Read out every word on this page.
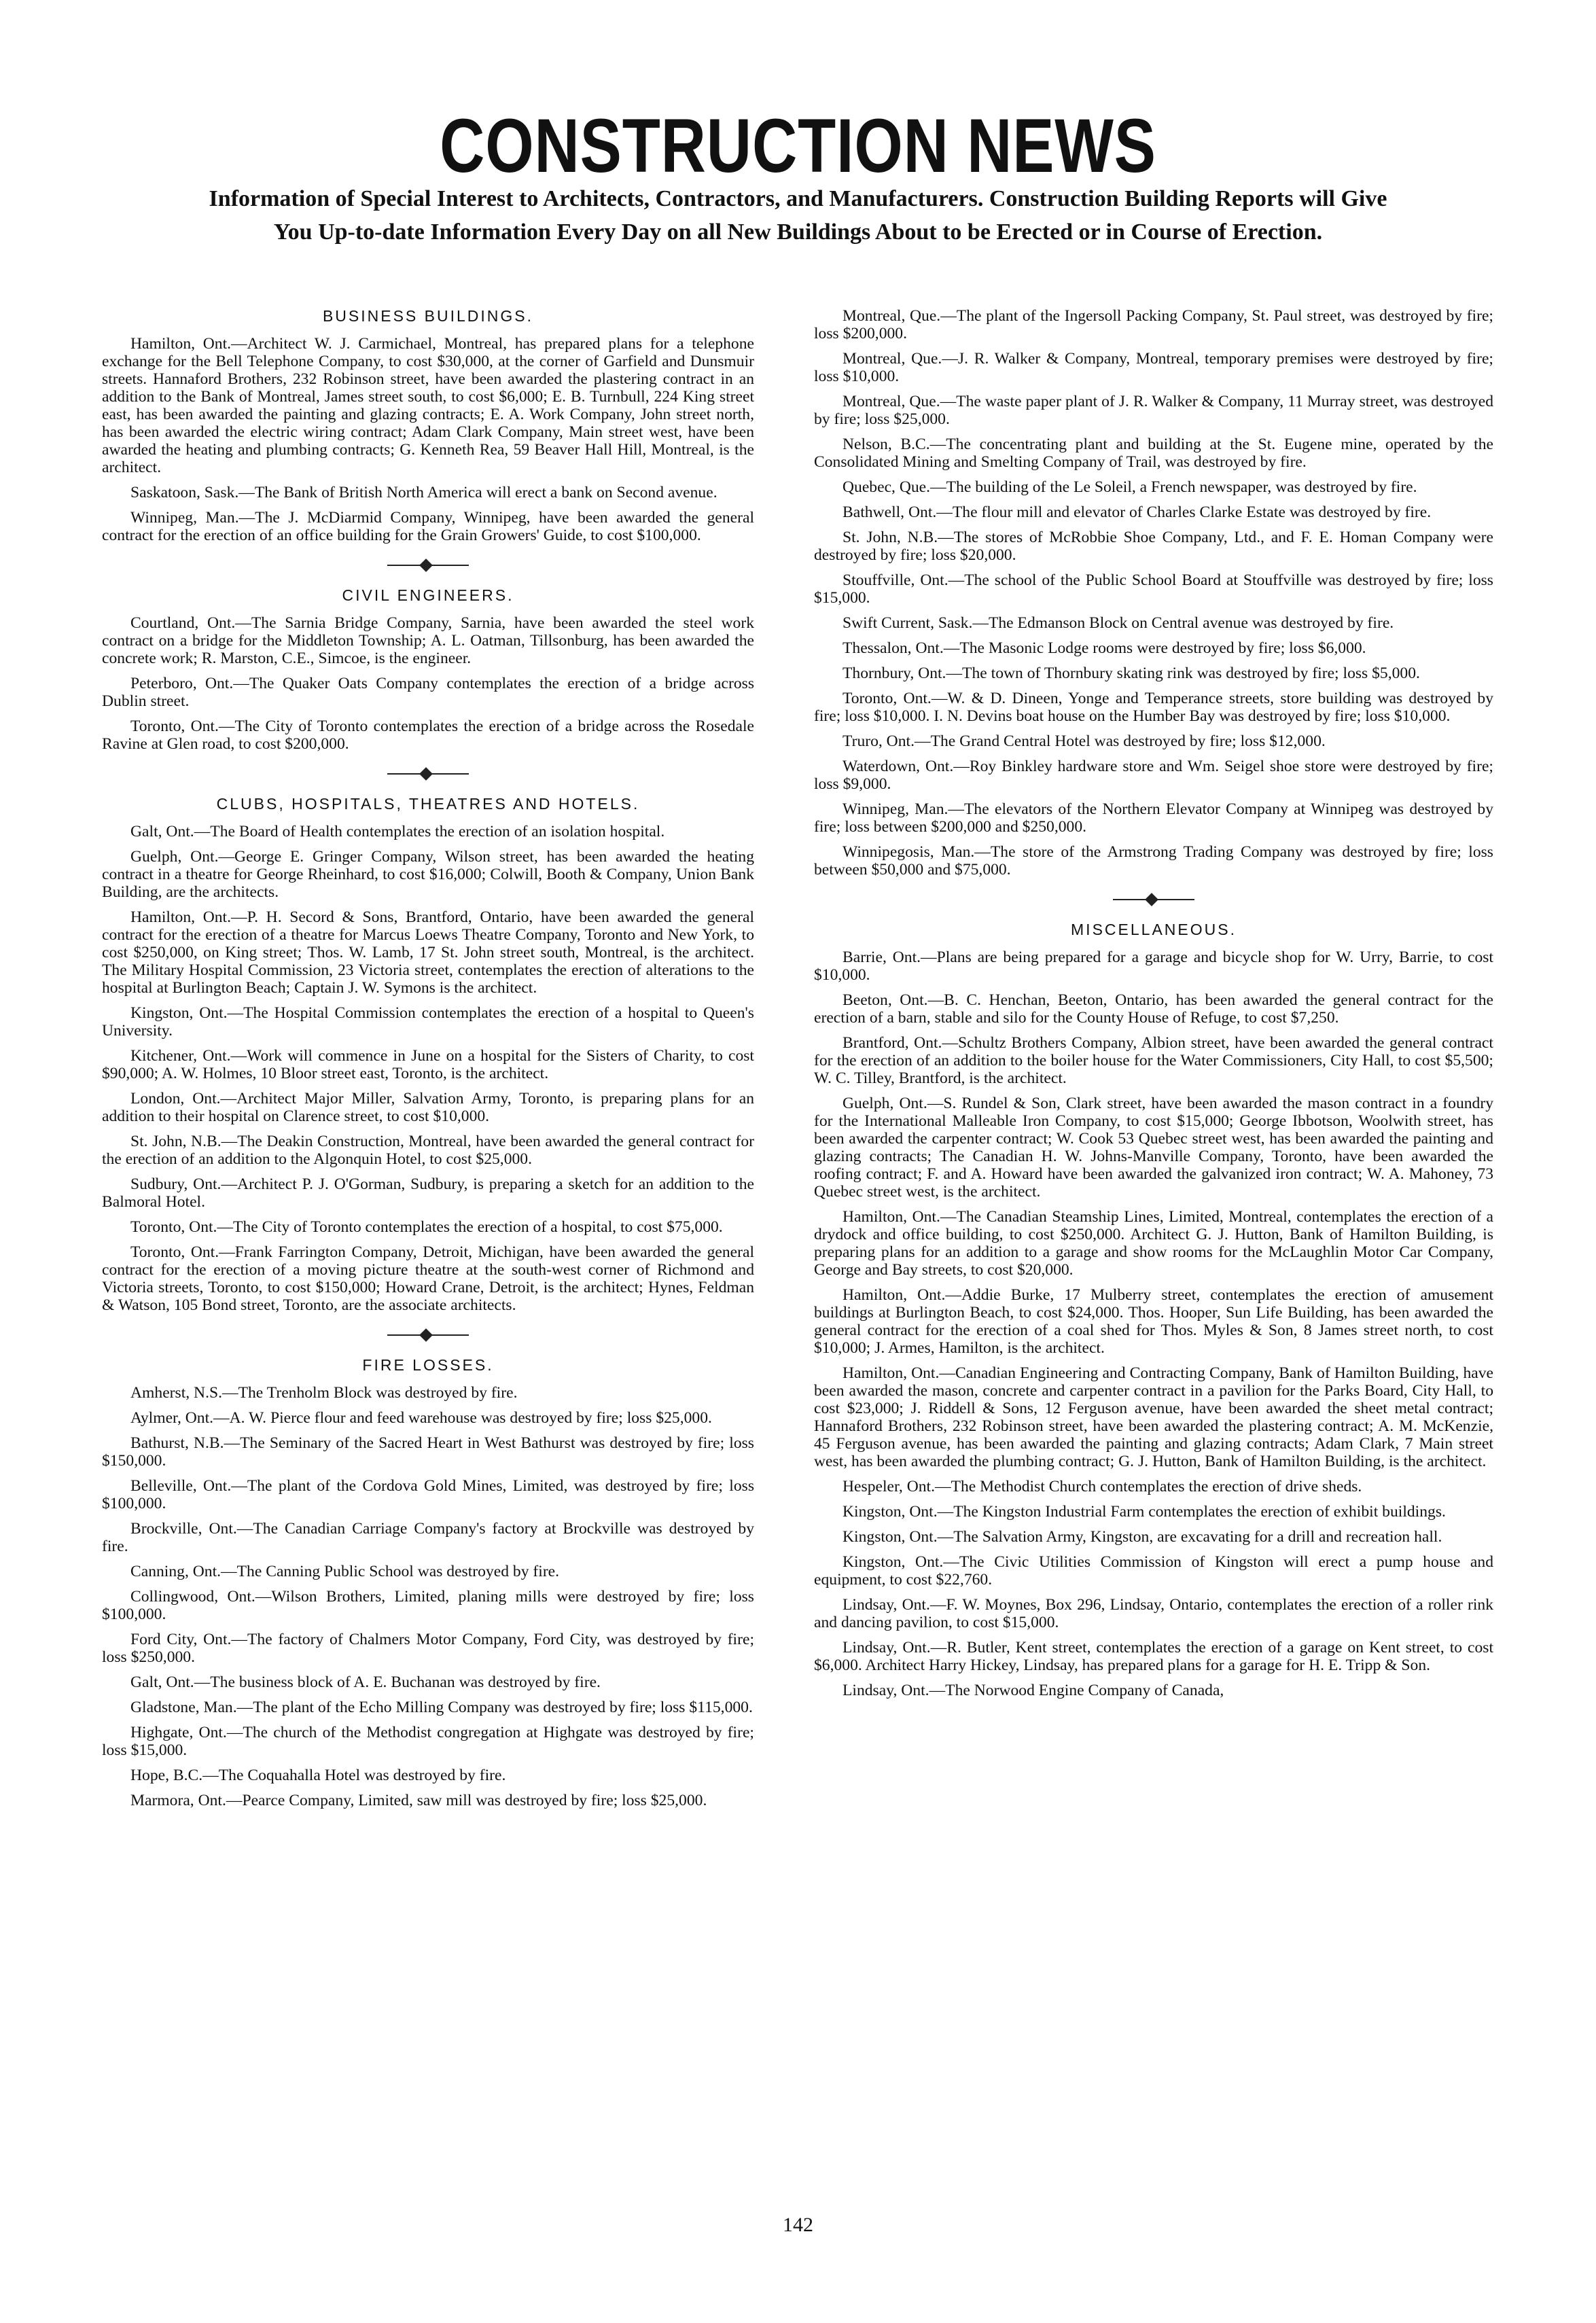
CONSTRUCTION NEWS
Information of Special Interest to Architects, Contractors, and Manufacturers. Construction Building Reports will Give You Up-to-date Information Every Day on all New Buildings About to be Erected or in Course of Erection.
BUSINESS BUILDINGS.

Hamilton, Ont.—Architect W. J. Carmichael, Montreal, has prepared plans for a telephone exchange for the Bell Telephone Company, to cost $30,000, at the corner of Garfield and Dunsmuir streets. Hannaford Brothers, 232 Robinson street, have been awarded the plastering contract in an addition to the Bank of Montreal, James street south, to cost $6,000; E. B. Turnbull, 224 King street east, has been awarded the painting and glazing contracts; E. A. Work Company, John street north, has been awarded the electric wiring contract; Adam Clark Company, Main street west, have been awarded the heating and plumbing contracts; G. Kenneth Rea, 59 Beaver Hall Hill, Montreal, is the architect.

Saskatoon, Sask.—The Bank of British North America will erect a bank on Second avenue.

Winnipeg, Man.—The J. McDiarmid Company, Winnipeg, have been awarded the general contract for the erection of an office building for the Grain Growers' Guide, to cost $100,000.

CIVIL ENGINEERS.

Courtland, Ont.—The Sarnia Bridge Company, Sarnia, have been awarded the steel work contract on a bridge for the Middleton Township; A. L. Oatman, Tillsonburg, has been awarded the concrete work; R. Marston, C.E., Simcoe, is the engineer.

Peterboro, Ont.—The Quaker Oats Company contemplates the erection of a bridge across Dublin street.

Toronto, Ont.—The City of Toronto contemplates the erection of a bridge across the Rosedale Ravine at Glen road, to cost $200,000.

CLUBS, HOSPITALS, THEATRES AND HOTELS.

Galt, Ont.—The Board of Health contemplates the erection of an isolation hospital.

Guelph, Ont.—George E. Gringer Company, Wilson street, has been awarded the heating contract in a theatre for George Rheinhard, to cost $16,000; Colwill, Booth & Company, Union Bank Building, are the architects.

Hamilton, Ont.—P. H. Secord & Sons, Brantford, Ontario, have been awarded the general contract for the erection of a theatre for Marcus Loews Theatre Company, Toronto and New York, to cost $250,000, on King street; Thos. W. Lamb, 17 St. John street south, Montreal, is the architect. The Military Hospital Commission, 23 Victoria street, contemplates the erection of alterations to the hospital at Burlington Beach; Captain J. W. Symons is the architect.

Kingston, Ont.—The Hospital Commission contemplates the erection of a hospital to Queen's University.

Kitchener, Ont.—Work will commence in June on a hospital for the Sisters of Charity, to cost $90,000; A. W. Holmes, 10 Bloor street east, Toronto, is the architect.

London, Ont.—Architect Major Miller, Salvation Army, Toronto, is preparing plans for an addition to their hospital on Clarence street, to cost $10,000.

St. John, N.B.—The Deakin Construction, Montreal, have been awarded the general contract for the erection of an addition to the Algonquin Hotel, to cost $25,000.

Sudbury, Ont.—Architect P. J. O'Gorman, Sudbury, is preparing a sketch for an addition to the Balmoral Hotel.

Toronto, Ont.—The City of Toronto contemplates the erection of a hospital, to cost $75,000.

Toronto, Ont.—Frank Farrington Company, Detroit, Michigan, have been awarded the general contract for the erection of a moving picture theatre at the south-west corner of Richmond and Victoria streets, Toronto, to cost $150,000; Howard Crane, Detroit, is the architect; Hynes, Feldman & Watson, 105 Bond street, Toronto, are the associate architects.

FIRE LOSSES.

Amherst, N.S.—The Trenholm Block was destroyed by fire.

Aylmer, Ont.—A. W. Pierce flour and feed warehouse was destroyed by fire; loss $25,000.

Bathurst, N.B.—The Seminary of the Sacred Heart in West Bathurst was destroyed by fire; loss $150,000.

Belleville, Ont.—The plant of the Cordova Gold Mines, Limited, was destroyed by fire; loss $100,000.

Brockville, Ont.—The Canadian Carriage Company's factory at Brockville was destroyed by fire.

Canning, Ont.—The Canning Public School was destroyed by fire.

Collingwood, Ont.—Wilson Brothers, Limited, planing mills were destroyed by fire; loss $100,000.

Ford City, Ont.—The factory of Chalmers Motor Company, Ford City, was destroyed by fire; loss $250,000.

Galt, Ont.—The business block of A. E. Buchanan was destroyed by fire.

Gladstone, Man.—The plant of the Echo Milling Company was destroyed by fire; loss $115,000.

Highgate, Ont.—The church of the Methodist congregation at Highgate was destroyed by fire; loss $15,000.

Hope, B.C.—The Coquahalla Hotel was destroyed by fire.

Marmora, Ont.—Pearce Company, Limited, saw mill was destroyed by fire; loss $25,000.

Montreal, Que.—The plant of the Ingersoll Packing Company, St. Paul street, was destroyed by fire; loss $200,000.

Montreal, Que.—J. R. Walker & Company, Montreal, temporary premises were destroyed by fire; loss $10,000.

Montreal, Que.—The waste paper plant of J. R. Walker & Company, 11 Murray street, was destroyed by fire; loss $25,000.

Nelson, B.C.—The concentrating plant and building at the St. Eugene mine, operated by the Consolidated Mining and Smelting Company of Trail, was destroyed by fire.

Quebec, Que.—The building of the Le Soleil, a French newspaper, was destroyed by fire.

Bathwell, Ont.—The flour mill and elevator of Charles Clarke Estate was destroyed by fire.

St. John, N.B.—The stores of McRobbie Shoe Company, Ltd., and F. E. Homan Company were destroyed by fire; loss $20,000.

Stouffville, Ont.—The school of the Public School Board at Stouffville was destroyed by fire; loss $15,000.

Swift Current, Sask.—The Edmanson Block on Central avenue was destroyed by fire.

Thessalon, Ont.—The Masonic Lodge rooms were destroyed by fire; loss $6,000.

Thornbury, Ont.—The town of Thornbury skating rink was destroyed by fire; loss $5,000.

Toronto, Ont.—W. & D. Dineen, Yonge and Temperance streets, store building was destroyed by fire; loss $10,000. I. N. Devins boat house on the Humber Bay was destroyed by fire; loss $10,000.

Truro, Ont.—The Grand Central Hotel was destroyed by fire; loss $12,000.

Waterdown, Ont.—Roy Binkley hardware store and Wm. Seigel shoe store were destroyed by fire; loss $9,000.

Winnipeg, Man.—The elevators of the Northern Elevator Company at Winnipeg was destroyed by fire; loss between $200,000 and $250,000.

Winnipegosis, Man.—The store of the Armstrong Trading Company was destroyed by fire; loss between $50,000 and $75,000.

MISCELLANEOUS.

Barrie, Ont.—Plans are being prepared for a garage and bicycle shop for W. Urry, Barrie, to cost $10,000.

Beeton, Ont.—B. C. Henchan, Beeton, Ontario, has been awarded the general contract for the erection of a barn, stable and silo for the County House of Refuge, to cost $7,250.

Brantford, Ont.—Schultz Brothers Company, Albion street, have been awarded the general contract for the erection of an addition to the boiler house for the Water Commissioners, City Hall, to cost $5,500; W. C. Tilley, Brantford, is the architect.

Guelph, Ont.—S. Rundel & Son, Clark street, have been awarded the mason contract in a foundry for the International Malleable Iron Company, to cost $15,000; George Ibbotson, Woolwith street, has been awarded the carpenter contract; W. Cook 53 Quebec street west, has been awarded the painting and glazing contracts; The Canadian H. W. Johns-Manville Company, Toronto, have been awarded the roofing contract; F. and A. Howard have been awarded the galvanized iron contract; W. A. Mahoney, 73 Quebec street west, is the architect.

Hamilton, Ont.—The Canadian Steamship Lines, Limited, Montreal, contemplates the erection of a drydock and office building, to cost $250,000. Architect G. J. Hutton, Bank of Hamilton Building, is preparing plans for an addition to a garage and show rooms for the McLaughlin Motor Car Company, George and Bay streets, to cost $20,000.

Hamilton, Ont.—Addie Burke, 17 Mulberry street, contemplates the erection of amusement buildings at Burlington Beach, to cost $24,000. Thos. Hooper, Sun Life Building, has been awarded the general contract for the erection of a coal shed for Thos. Myles & Son, 8 James street north, to cost $10,000; J. Armes, Hamilton, is the architect.

Hamilton, Ont.—Canadian Engineering and Contracting Company, Bank of Hamilton Building, have been awarded the mason, concrete and carpenter contract in a pavilion for the Parks Board, City Hall, to cost $23,000; J. Riddell & Sons, 12 Ferguson avenue, have been awarded the sheet metal contract; Hannaford Brothers, 232 Robinson street, have been awarded the plastering contract; A. M. McKenzie, 45 Ferguson avenue, has been awarded the painting and glazing contracts; Adam Clark, 7 Main street west, has been awarded the plumbing contract; G. J. Hutton, Bank of Hamilton Building, is the architect.

Hespeler, Ont.—The Methodist Church contemplates the erection of drive sheds.

Kingston, Ont.—The Kingston Industrial Farm contemplates the erection of exhibit buildings.

Kingston, Ont.—The Salvation Army, Kingston, are excavating for a drill and recreation hall.

Kingston, Ont.—The Civic Utilities Commission of Kingston will erect a pump house and equipment, to cost $22,760.

Lindsay, Ont.—F. W. Moynes, Box 296, Lindsay, Ontario, contemplates the erection of a roller rink and dancing pavilion, to cost $15,000.

Lindsay, Ont.—R. Butler, Kent street, contemplates the erection of a garage on Kent street, to cost $6,000. Architect Harry Hickey, Lindsay, has prepared plans for a garage for H. E. Tripp & Son.

Lindsay, Ont.—The Norwood Engine Company of Canada,

142
